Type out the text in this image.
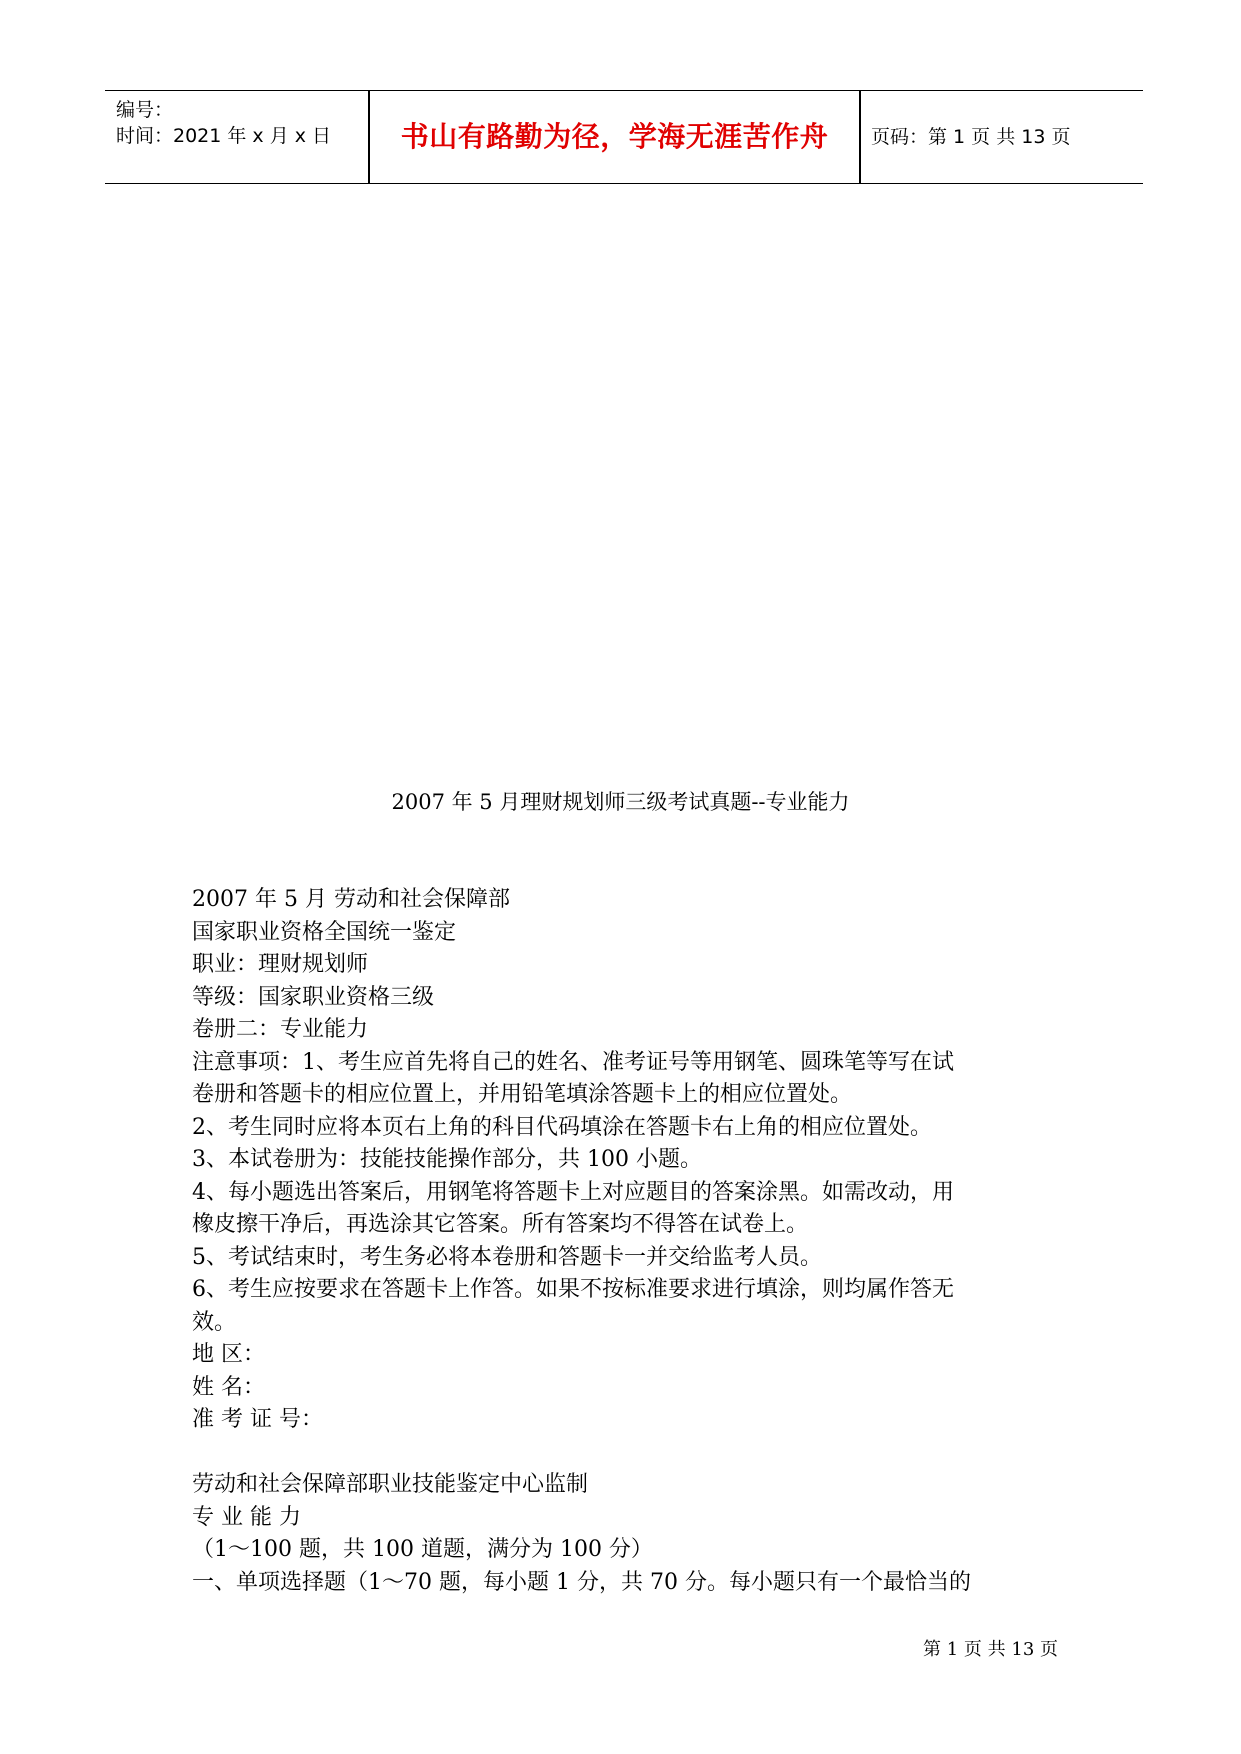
编号：
时间：2021 年 x 月 x 日	书山有路勤为径，学海无涯苦作舟	页码：第 1 页 共 13 页
2007 年 5 月理财规划师三级考试真题--专业能力
2007 年 5 月 劳动和社会保障部
国家职业资格全国统一鉴定
职业：理财规划师
等级：国家职业资格三级
卷册二：专业能力
注意事项：1、考生应首先将自己的姓名、准考证号等用钢笔、圆珠笔等写在试
卷册和答题卡的相应位置上，并用铅笔填涂答题卡上的相应位置处。
2、考生同时应将本页右上角的科目代码填涂在答题卡右上角的相应位置处。
3、本试卷册为：技能技能操作部分，共 100 小题。
4、每小题选出答案后，用钢笔将答题卡上对应题目的答案涂黑。如需改动，用
橡皮擦干净后，再选涂其它答案。所有答案均不得答在试卷上。
5、考试结束时，考生务必将本卷册和答题卡一并交给监考人员。
6、考生应按要求在答题卡上作答。如果不按标准要求进行填涂，则均属作答无
效。
地 区：
姓 名：
准 考 证 号：
劳动和社会保障部职业技能鉴定中心监制
专 业 能 力
（1～100 题，共 100 道题，满分为 100 分）
一、单项选择题（1～70 题，每小题 1 分，共 70 分。每小题只有一个最恰当的
第 1 页 共 13 页
